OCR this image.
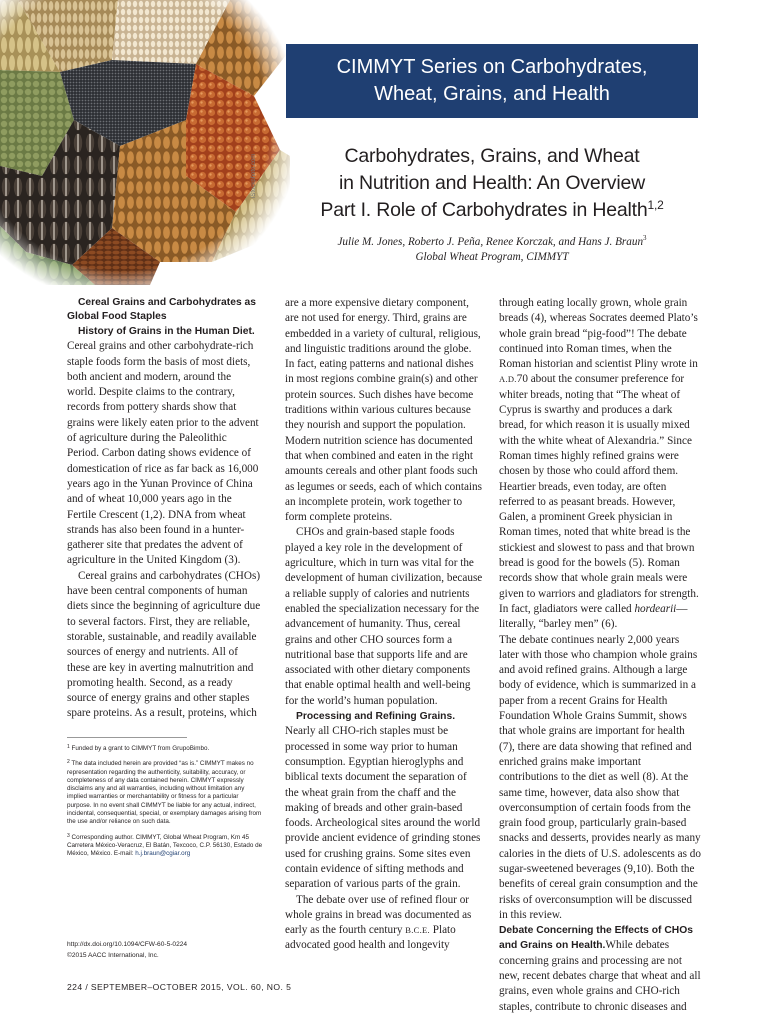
iStockphoto.com
CIMMYT Series on Carbohydrates,
Wheat, Grains, and Health
Carbohydrates, Grains, and Wheat
in Nutrition and Health: An Overview
Part I. Role of Carbohydrates in Health$^{1,2}$
Julie M. Jones, Roberto J. Peña, Renee Korczak, and Hans J. Braun$^3$
Global Wheat Program, CIMMYT

Cereal Grains and Carbohydrates as Global Food Staples

History of Grains in the Human Diet. Cereal grains and other carbohydrate-rich staple foods form the basis of most diets, both ancient and modern, around the world. Despite claims to the contrary, records from pottery shards show that grains were likely eaten prior to the advent of agriculture during the Paleolithic Period. Carbon dating shows evidence of domestication of rice as far back as 16,000 years ago in the Yunan Province of China and of wheat 10,000 years ago in the Fertile Crescent (1,2). DNA from wheat strands has also been found in a hunter-gatherer site that predates the advent of agriculture in the United Kingdom (3).

Cereal grains and carbohydrates (CHOs) have been central components of human diets since the beginning of agriculture due to several factors. First, they are reliable, storable, sustainable, and readily available sources of energy and nutrients. All of these are key in averting malnutrition and promoting health. Second, as a ready source of energy grains and other staples spare proteins. As a result, proteins, which

are a more expensive dietary component, are not used for energy. Third, grains are embedded in a variety of cultural, religious, and linguistic traditions around the globe. In fact, eating patterns and national dishes in most regions combine grain(s) and other protein sources. Such dishes have become traditions within various cultures because they nourish and support the population. Modern nutrition science has documented that when combined and eaten in the right amounts cereals and other plant foods such as legumes or seeds, each of which contains an incomplete protein, work together to form complete proteins.

CHOs and grain-based staple foods played a key role in the development of agriculture, which in turn was vital for the development of human civilization, because a reliable supply of calories and nutrients enabled the specialization necessary for the advancement of humanity. Thus, cereal grains and other CHO sources form a nutritional base that supports life and are associated with other dietary components that enable optimal health and well-being for the world’s human population.

Processing and Refining Grains. Nearly all CHO-rich staples must be processed in some way prior to human consumption. Egyptian hieroglyphs and biblical texts document the separation of the wheat grain from the chaff and the making of breads and other grain-based foods. Archeological sites around the world provide ancient evidence of grinding stones used for crushing grains. Some sites even contain evidence of sifting methods and separation of various parts of the grain.

The debate over use of refined flour or whole grains in bread was documented as early as the fourth century B.C.E. Plato advocated good health and longevity

through eating locally grown, whole grain breads (4), whereas Socrates deemed Plato’s whole grain bread “pig-food”! The debate continued into Roman times, when the Roman historian and scientist Pliny wrote in A.D.70 about the consumer preference for whiter breads, noting that “The wheat of Cyprus is swarthy and produces a dark bread, for which reason it is usually mixed with the white wheat of Alexandria.” Since Roman times highly refined grains were chosen by those who could afford them. Heartier breads, even today, are often referred to as peasant breads. However, Galen, a prominent Greek physician in Roman times, noted that white bread is the stickiest and slowest to pass and that brown bread is good for the bowels (5). Roman records show that whole grain meals were given to warriors and gladiators for strength. In fact, gladiators were called hordearii—literally, “barley men” (6).

The debate continues nearly 2,000 years later with those who champion whole grains and avoid refined grains. Although a large body of evidence, which is summarized in a paper from a recent Grains for Health Foundation Whole Grains Summit, shows that whole grains are important for health (7), there are data showing that refined and enriched grains make important contributions to the diet as well (8). At the same time, however, data also show that overconsumption of certain foods from the grain food group, particularly grain-based snacks and desserts, provides nearly as many calories in the diets of U.S. adolescents as do sugar-sweetened beverages (9,10). Both the benefits of cereal grain consumption and the risks of overconsumption will be discussed in this review.

Debate Concerning the Effects of CHOs and Grains on Health.While debates concerning grains and processing are not new, recent debates charge that wheat and all grains, even whole grains and CHO-rich staples, contribute to chronic diseases and

$^1$ Funded by a grant to CIMMYT from GrupoBimbo.

$^2$ The data included herein are provided “as is.” CIMMYT makes no representation regarding the authenticity, suitability, accuracy, or completeness of any data contained herein. CIMMYT expressly disclaims any and all warranties, including without limitation any implied warranties or merchantability or fitness for a particular purpose. In no event shall CIMMYT be liable for any actual, indirect, incidental, consequential, special, or exemplary damages arising from the use and/or reliance on such data.

$^3$ Corresponding author. CIMMYT, Global Wheat Program, Km 45 Carretera México-Veracruz, El Batán, Texcoco, C.P. 56130, Estado de México, México. E-mail: h.j.braun@cgiar.org

http://dx.doi.org/10.1094/CFW-60-5-0224
©2015 AACC International, Inc.
224 / SEPTEMBER–OCTOBER 2015, VOL. 60, NO. 5
